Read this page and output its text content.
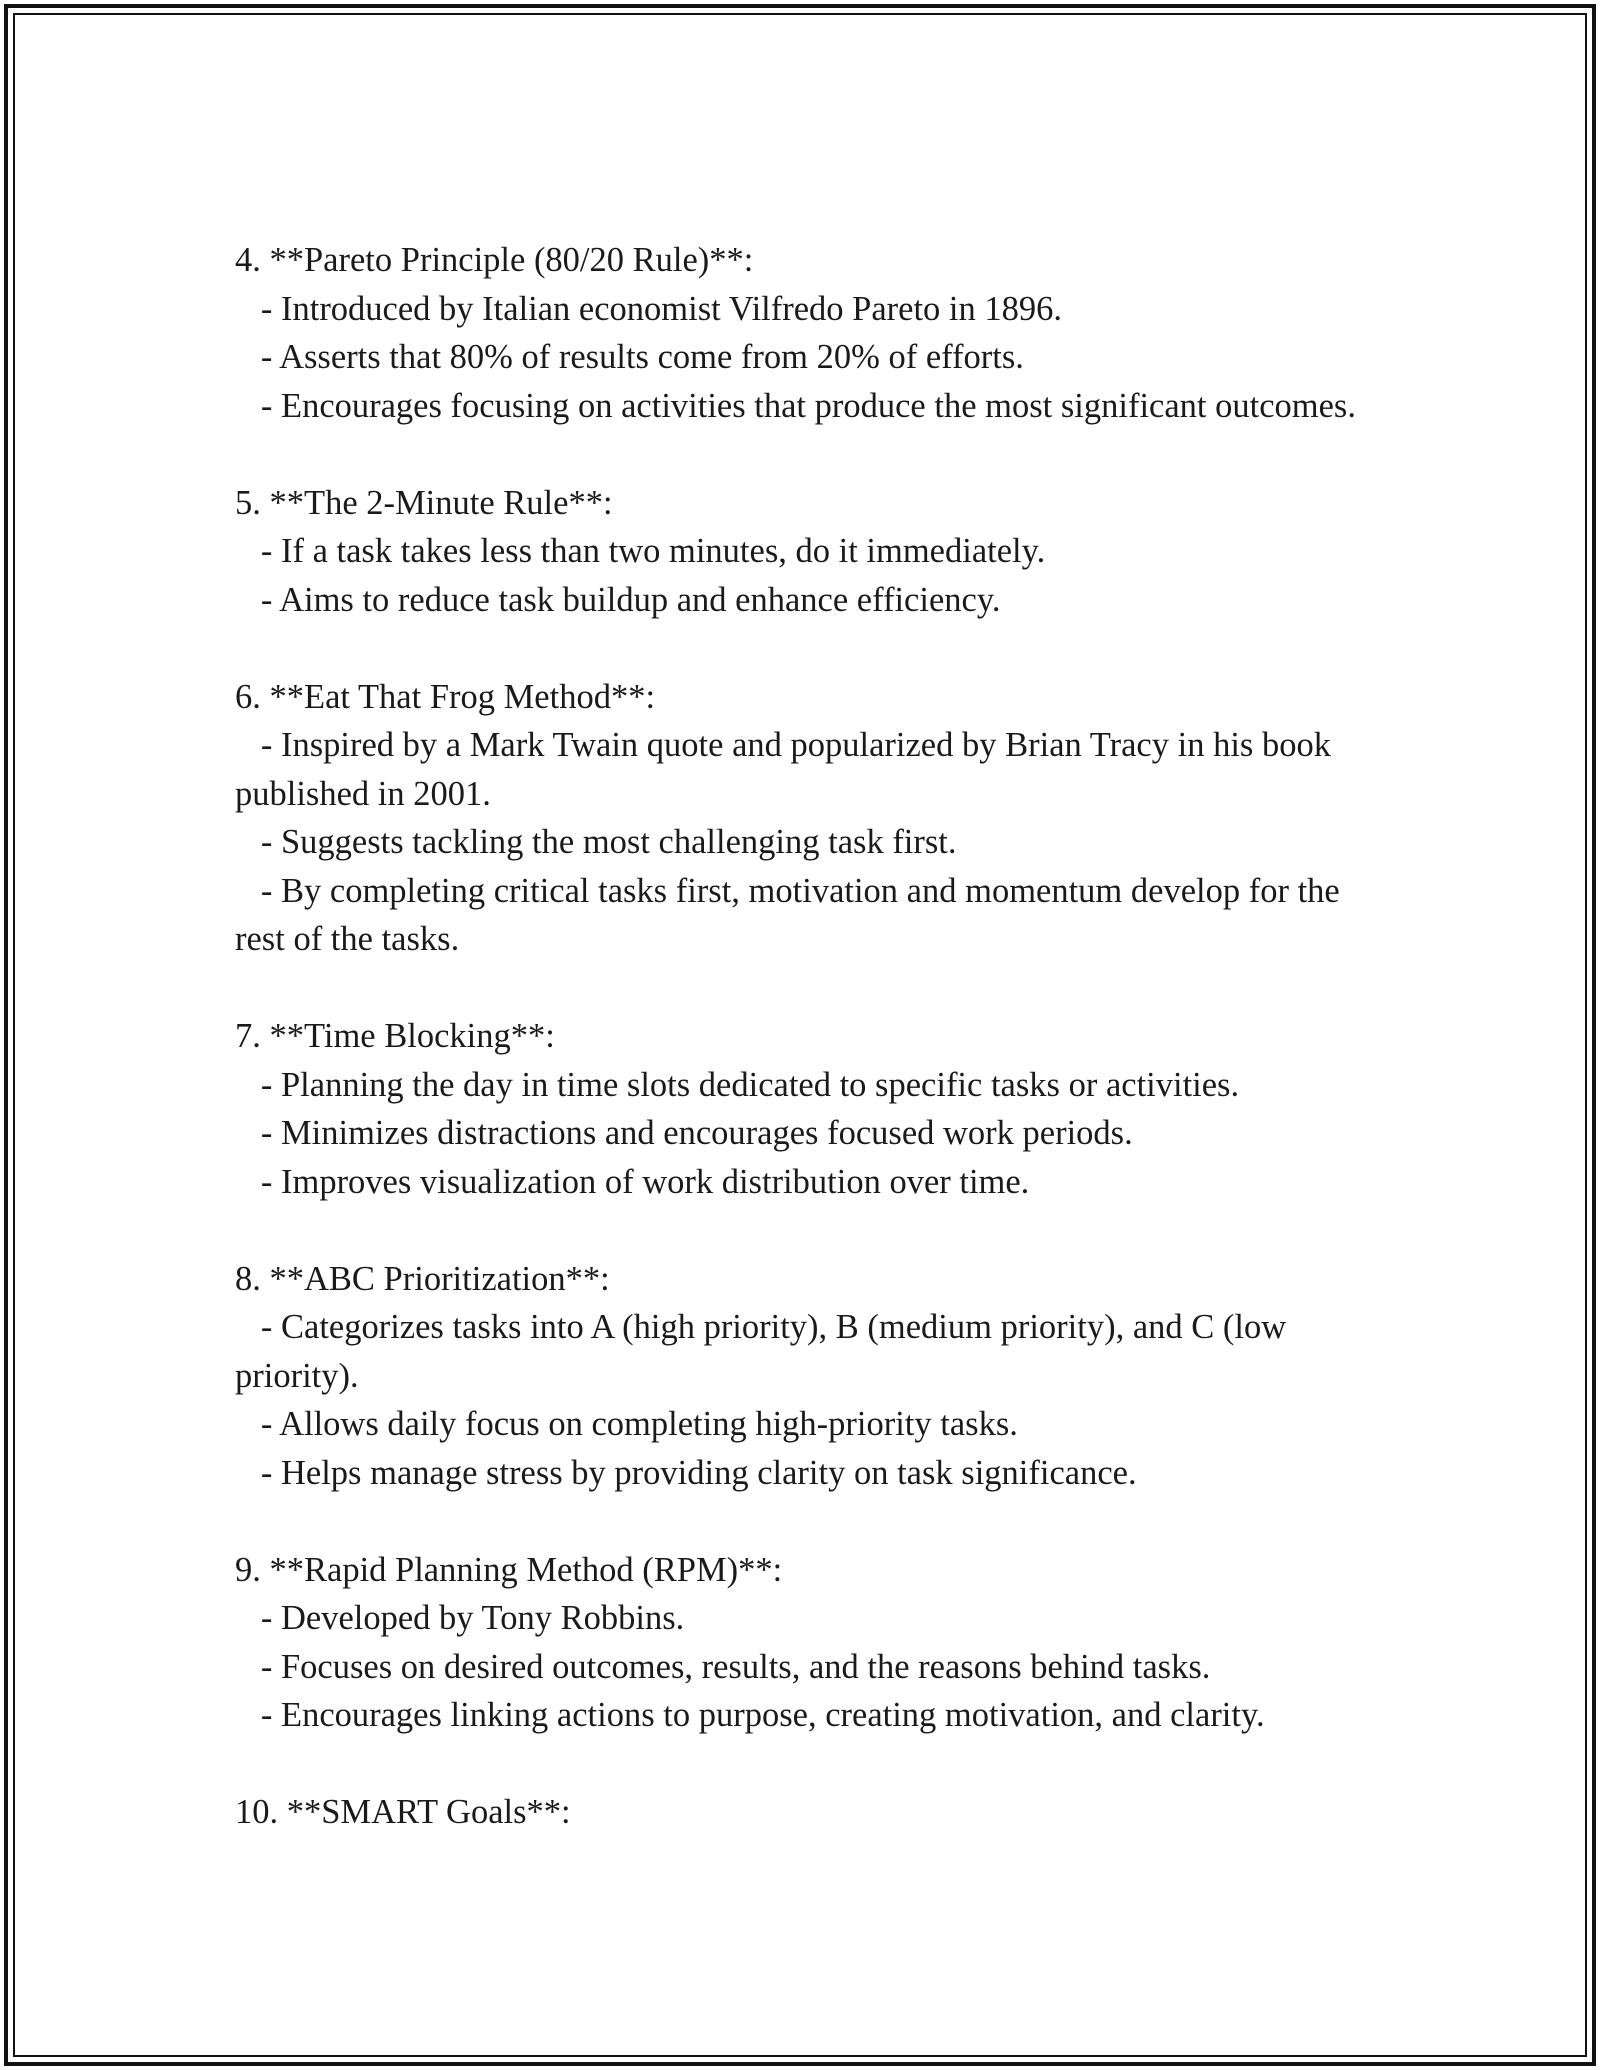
4. **Pareto Principle (80/20 Rule)**:
- Introduced by Italian economist Vilfredo Pareto in 1896.
- Asserts that 80% of results come from 20% of efforts.
- Encourages focusing on activities that produce the most significant outcomes.
5. **The 2-Minute Rule**:
- If a task takes less than two minutes, do it immediately.
- Aims to reduce task buildup and enhance efficiency.
6. **Eat That Frog Method**:
- Inspired by a Mark Twain quote and popularized by Brian Tracy in his book published in 2001.
- Suggests tackling the most challenging task first.
- By completing critical tasks first, motivation and momentum develop for the rest of the tasks.
7. **Time Blocking**:
- Planning the day in time slots dedicated to specific tasks or activities.
- Minimizes distractions and encourages focused work periods.
- Improves visualization of work distribution over time.
8. **ABC Prioritization**:
- Categorizes tasks into A (high priority), B (medium priority), and C (low priority).
- Allows daily focus on completing high-priority tasks.
- Helps manage stress by providing clarity on task significance.
9. **Rapid Planning Method (RPM)**:
- Developed by Tony Robbins.
- Focuses on desired outcomes, results, and the reasons behind tasks.
- Encourages linking actions to purpose, creating motivation, and clarity.
10. **SMART Goals**:
